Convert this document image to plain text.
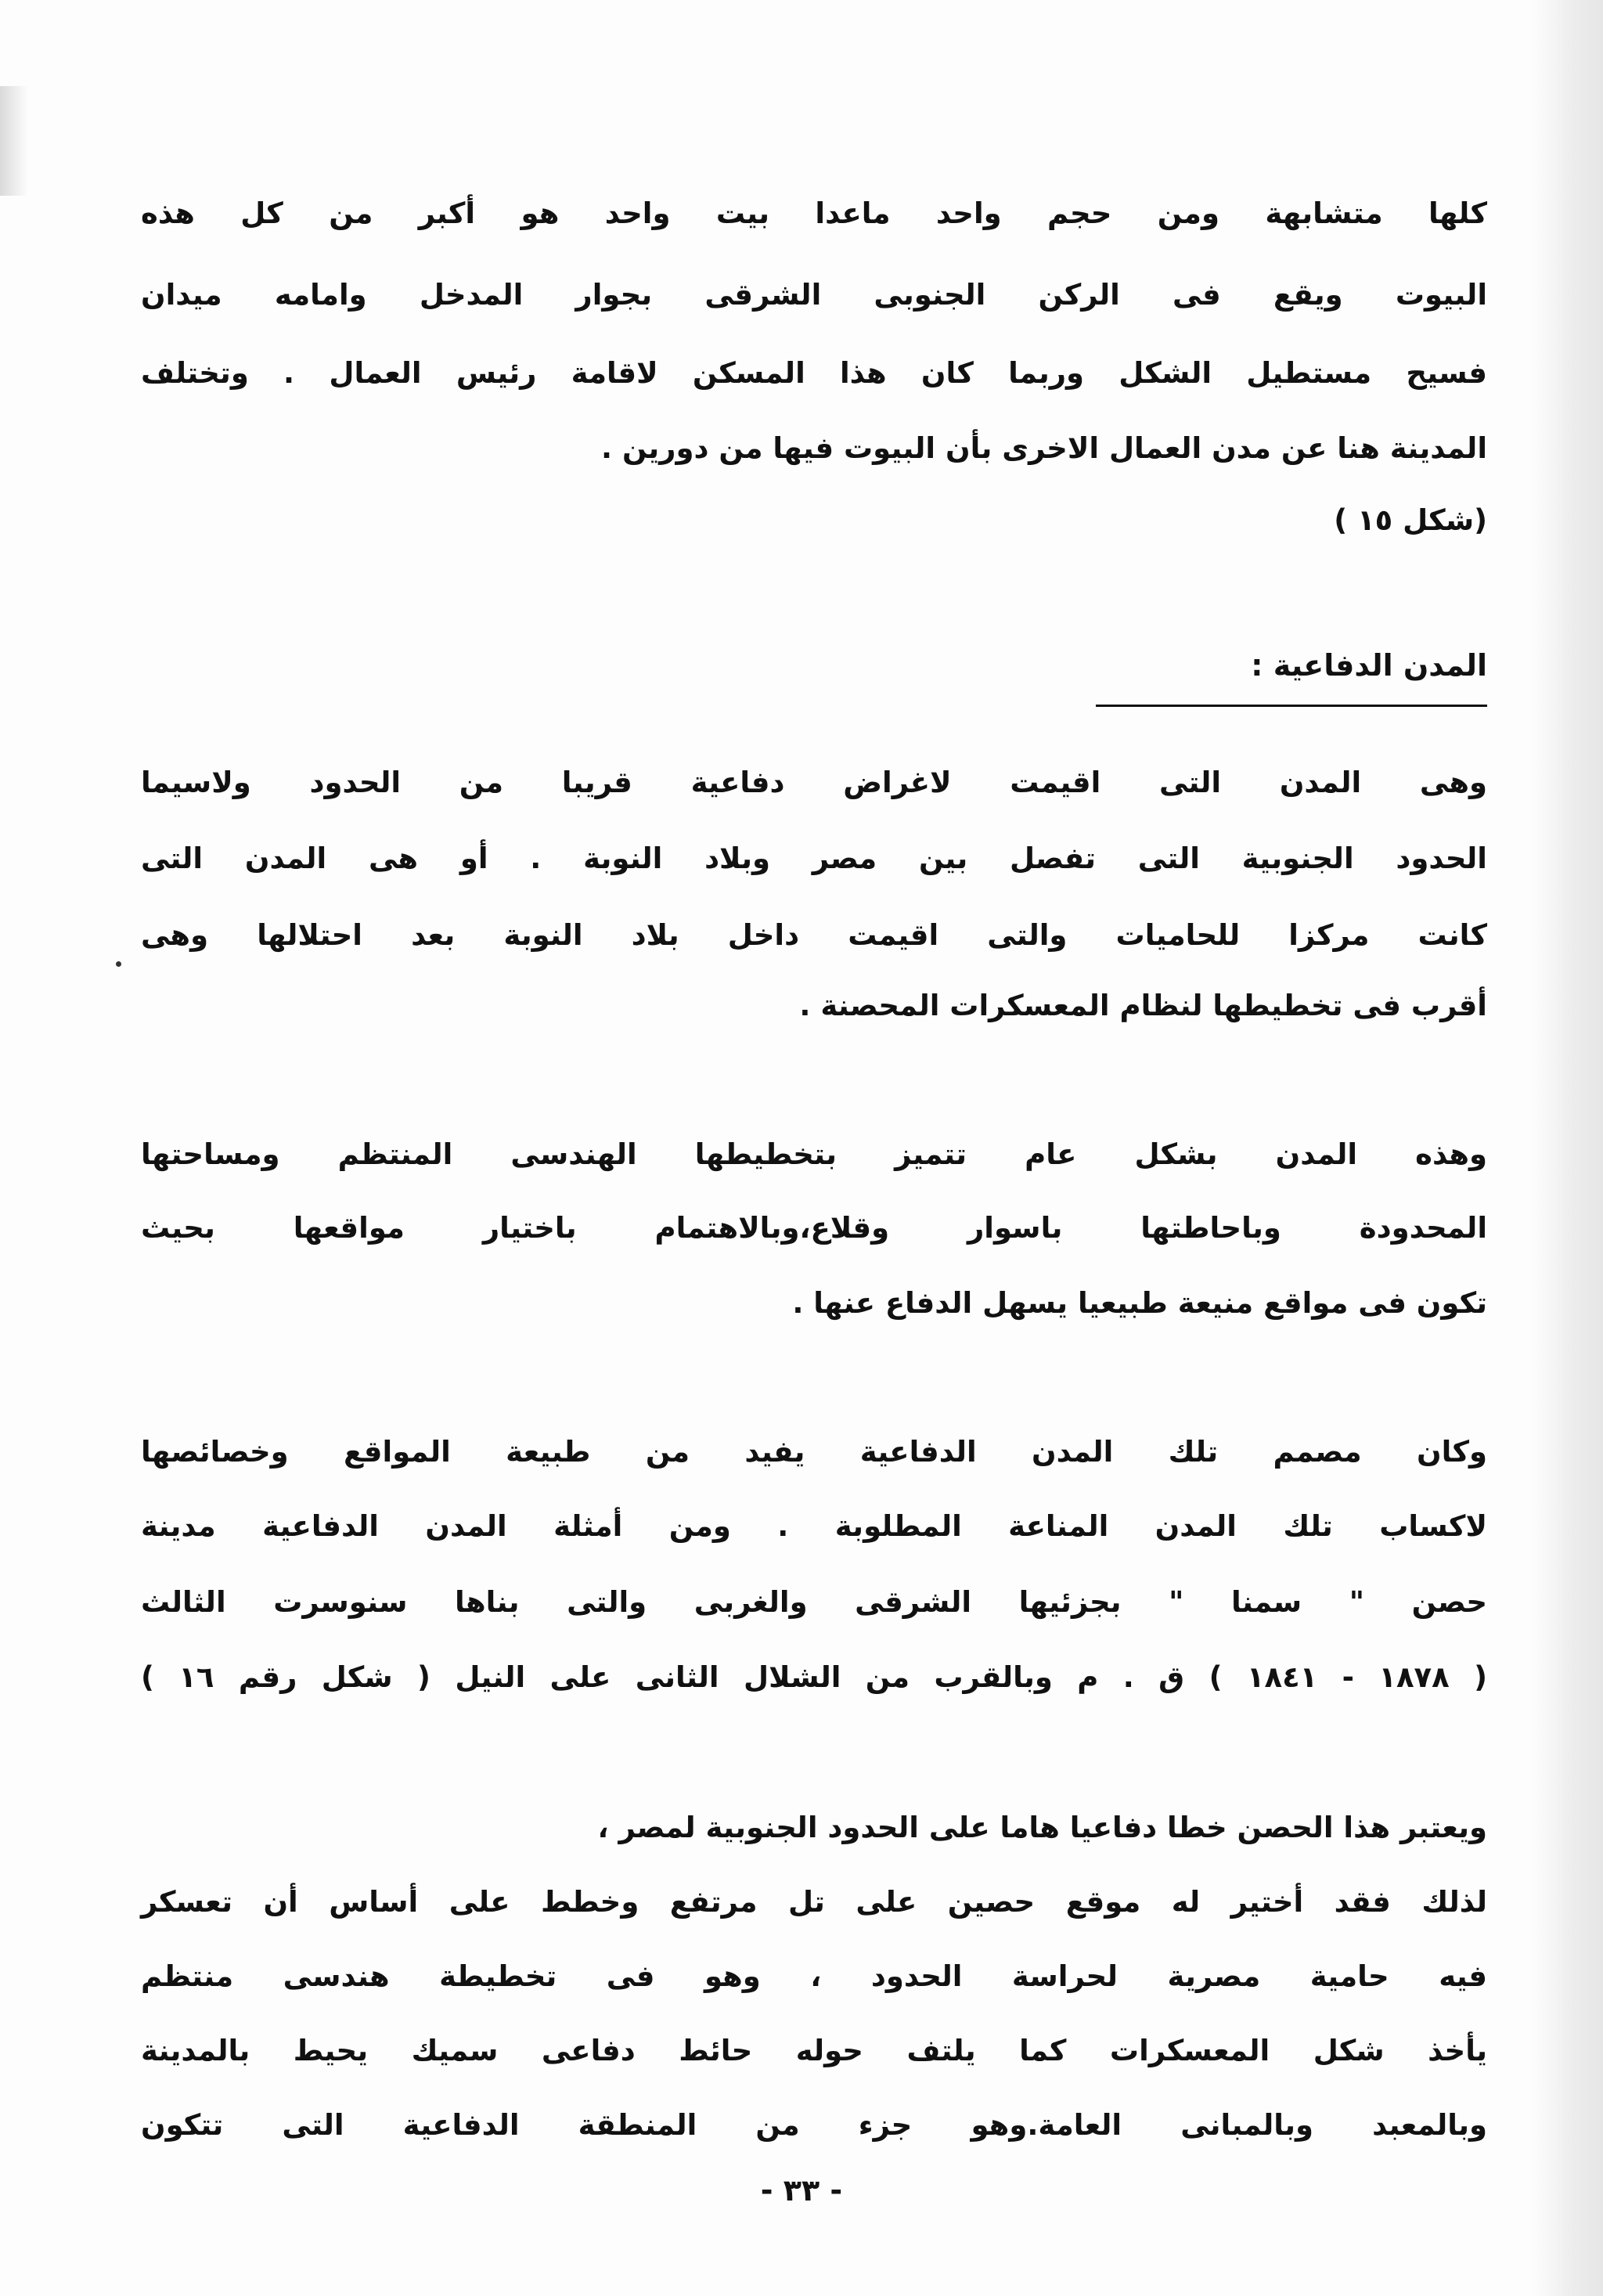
كلها متشابهة ومن حجم واحد ماعدا بيت واحد هو أكبر من كل هذه
البيوت ويقع فى الركن الجنوبى الشرقى بجوار المدخل وامامه ميدان
فسيح مستطيل الشكل وربما كان هذا المسكن لاقامة رئيس العمال . وتختلف
المدينة هنا عن مدن العمال الاخرى بأن البيوت فيها من دورين .
(شكل ١٥ )
المدن الدفاعية :
وهى المدن التى اقيمت لاغراض دفاعية قريبا من الحدود ولاسيما
الحدود الجنوبية التى تفصل بين مصر وبلاد النوبة . أو هى المدن التى
كانت مركزا للحاميات والتى اقيمت داخل بلاد النوبة بعد احتلالها وهى
أقرب فى تخطيطها لنظام المعسكرات المحصنة .
وهذه المدن بشكل عام تتميز بتخطيطها الهندسى المنتظم ومساحتها
المحدودة وباحاطتها باسوار وقلاع،وبالاهتمام باختيار مواقعها بحيث
تكون فى مواقع منيعة طبيعيا يسهل الدفاع عنها .
وكان مصمم تلك المدن الدفاعية يفيد من طبيعة المواقع وخصائصها
لاكساب تلك المدن المناعة المطلوبة . ومن أمثلة المدن الدفاعية مدينة
حصن " سمنا " بجزئيها الشرقى والغربى والتى بناها سنوسرت الثالث
( ١٨٧٨ - ١٨٤١ ) ق . م وبالقرب من الشلال الثانى على النيل ( شكل رقم ١٦ )
ويعتبر هذا الحصن خطا دفاعيا هاما على الحدود الجنوبية لمصر ،
لذلك فقد أختير له موقع حصين على تل مرتفع وخطط على أساس أن تعسكر
فيه حامية مصرية لحراسة الحدود ، وهو فى تخطيطة هندسى منتظم
يأخذ شكل المعسكرات كما يلتف حوله حائط دفاعى سميك يحيط بالمدينة
وبالمعبد وبالمبانى العامة.وهو جزء من المنطقة الدفاعية التى تتكون
- ٣٣ -
